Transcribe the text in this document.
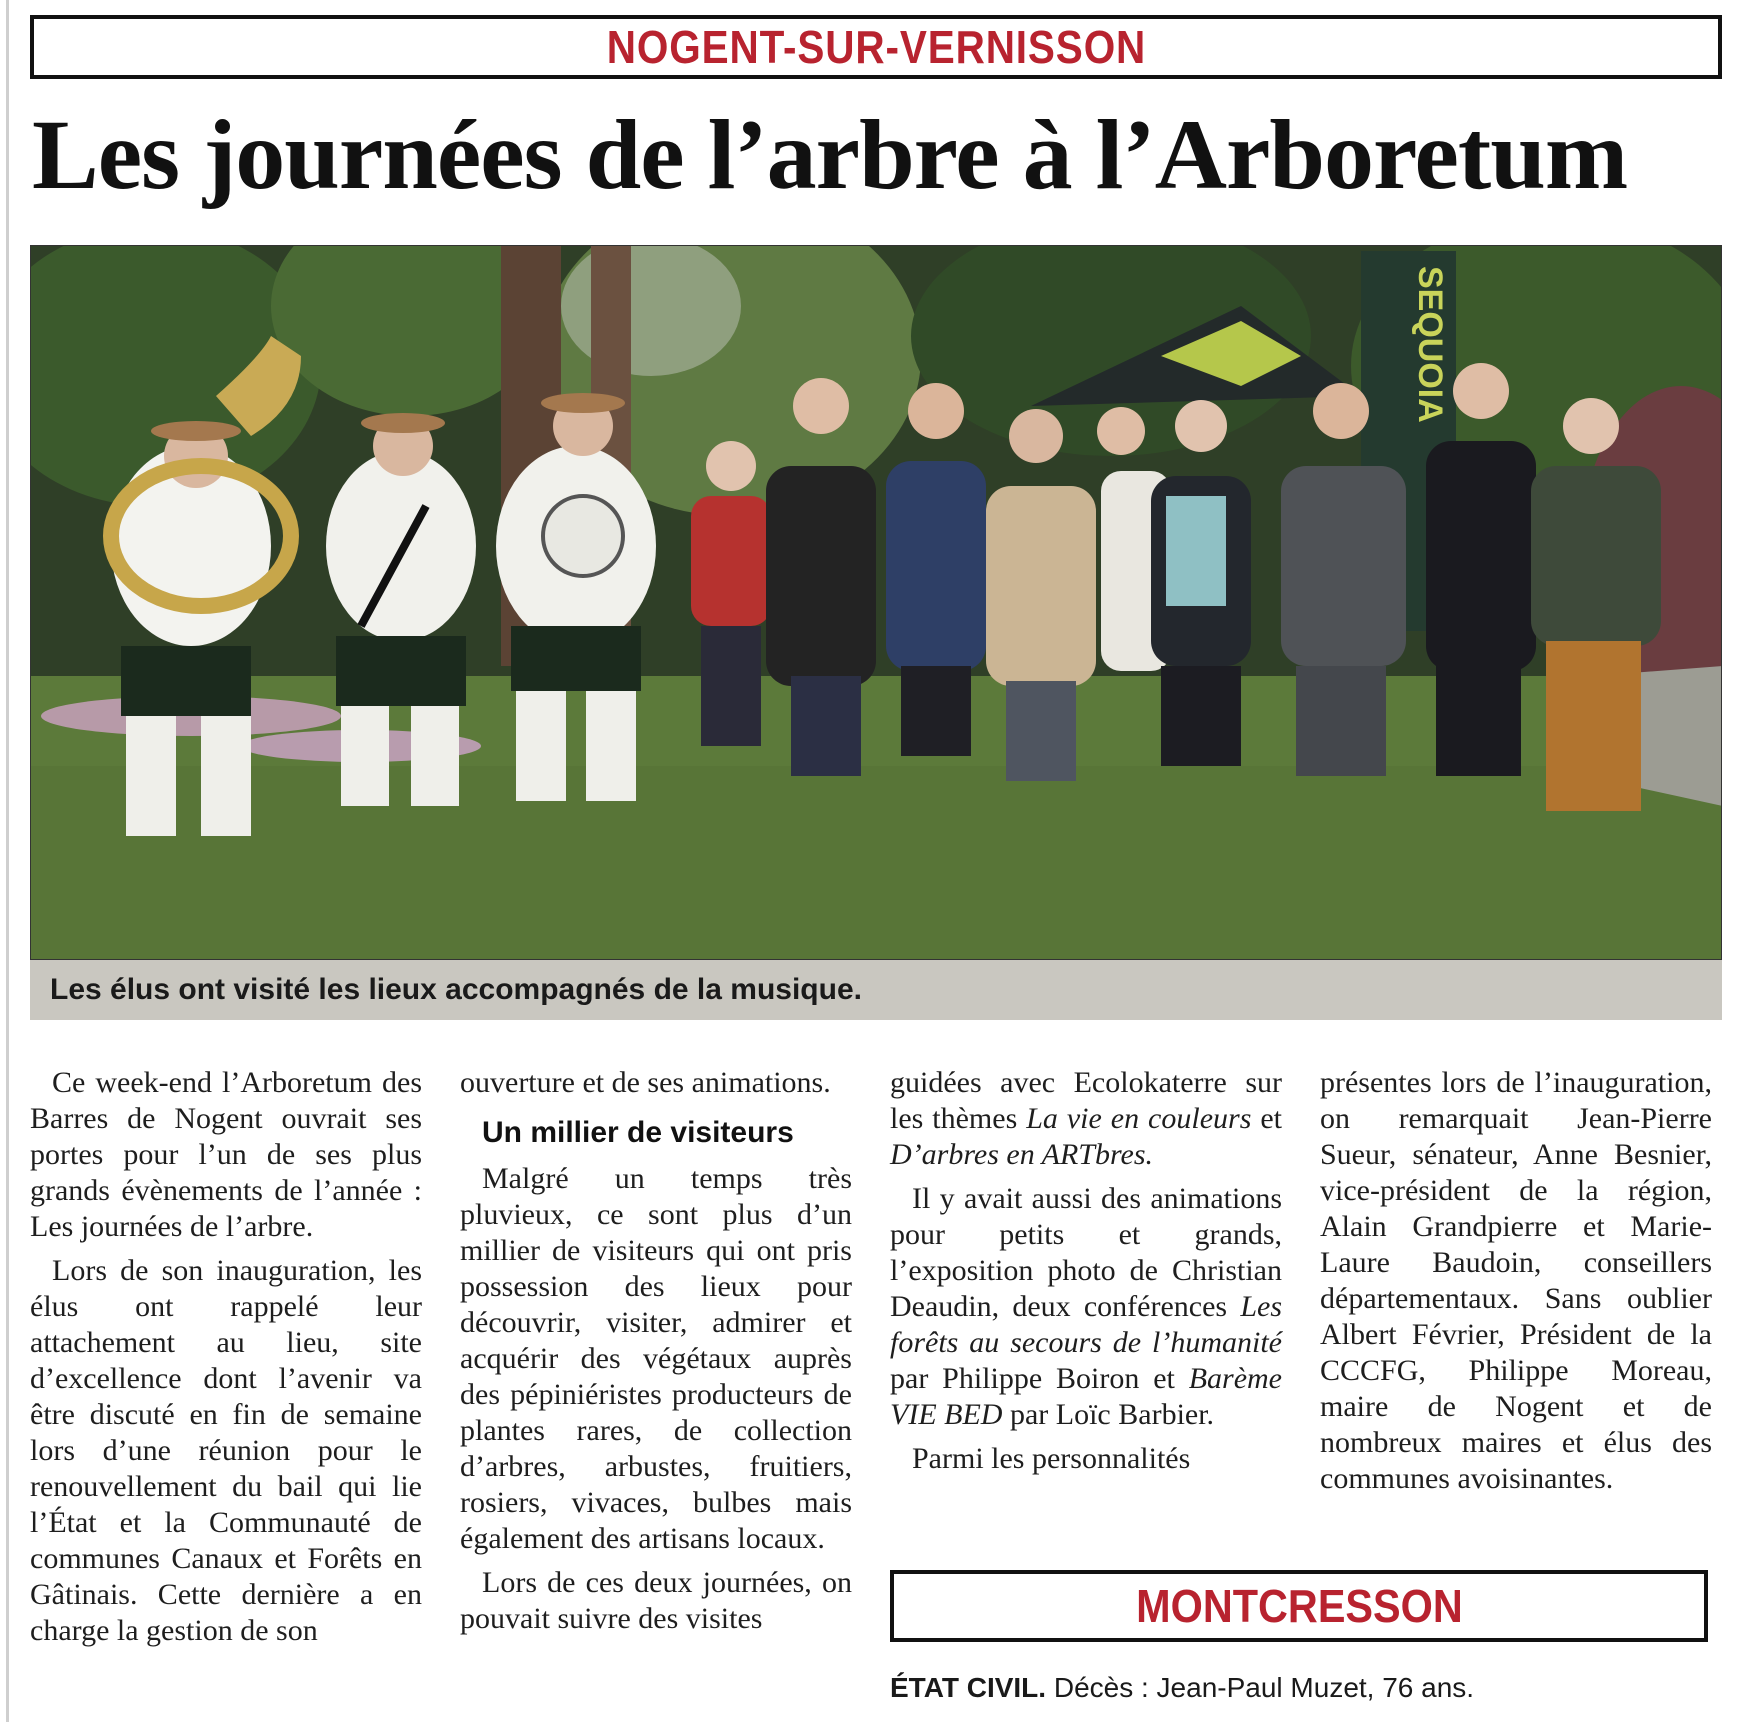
NOGENT-SUR-VERNISSON
Les journées de l’arbre à l’Arboretum
SEQUOIA
Les élus ont visité les lieux accompagnés de la musique.

Ce week-end l’Arboretum des Barres de Nogent ouvrait ses portes pour l’un de ses plus grands évènements de l’année : Les journées de l’arbre.

Lors de son inauguration, les élus ont rappelé leur attachement au lieu, site d’excellence dont l’avenir va être discuté en fin de semaine lors d’une réunion pour le renouvellement du bail qui lie l’État et la Communauté de communes Canaux et Forêts en Gâtinais. Cette dernière a en charge la gestion de son

ouverture et de ses animations.

Un millier de visiteurs

Malgré un temps très pluvieux, ce sont plus d’un millier de visiteurs qui ont pris possession des lieux pour découvrir, visiter, admirer et acquérir des végétaux auprès des pépiniéristes producteurs de plantes rares, de collection d’arbres, arbustes, fruitiers, rosiers, vivaces, bulbes mais également des artisans locaux.

Lors de ces deux journées, on pouvait suivre des visites

guidées avec Ecolokaterre sur les thèmes La vie en couleurs et D’arbres en ARTbres.

Il y avait aussi des animations pour petits et grands, l’exposition photo de Christian Deaudin, deux conférences Les forêts au secours de l’humanité par Philippe Boiron et Barème VIE BED par Loïc Barbier.

Parmi les personnalités

présentes lors de l’inauguration, on remarquait Jean-Pierre Sueur, sénateur, Anne Besnier, vice-président de la région, Alain Grandpierre et Marie-Laure Baudoin, conseillers départementaux. Sans oublier Albert Février, Président de la CCCFG, Philippe Moreau, maire de Nogent et de nombreux maires et élus des communes avoisinantes.

MONTCRESSON
ÉTAT CIVIL. Décès : Jean-Paul Muzet, 76 ans.
